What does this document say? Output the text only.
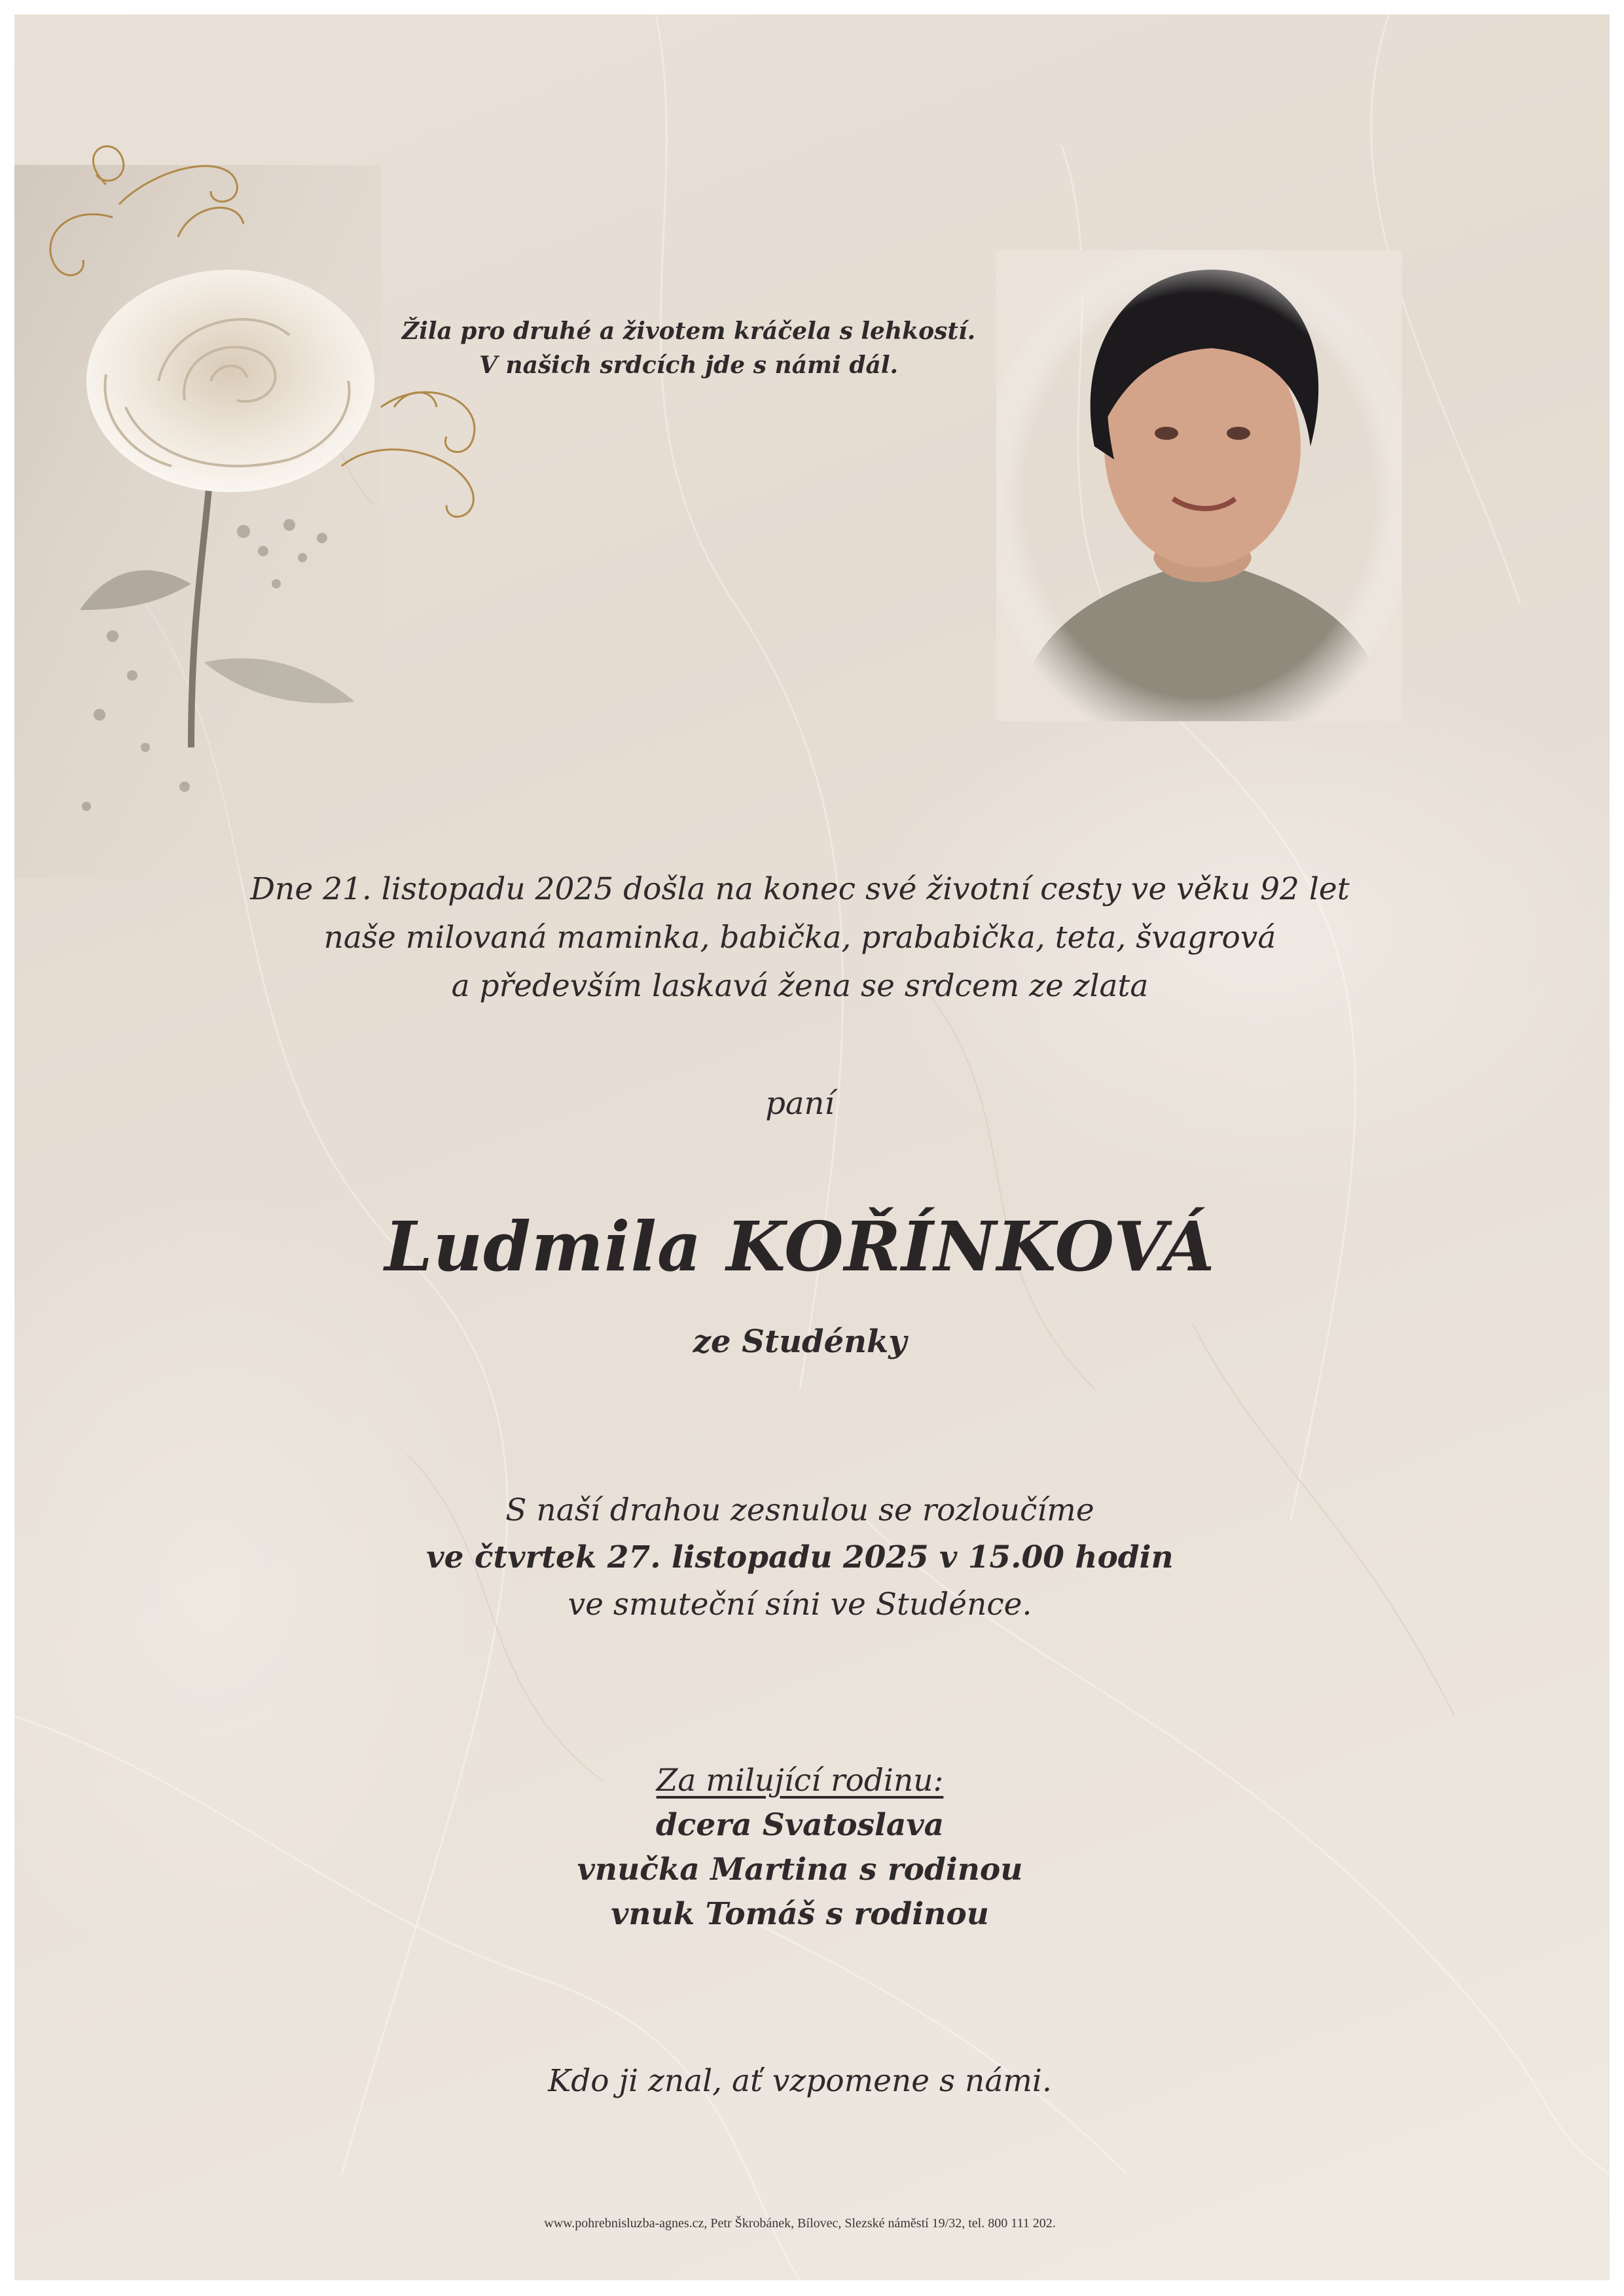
Žila pro druhé a životem kráčela s lehkostí.
V našich srdcích jde s námi dál.
Dne 21. listopadu 2025 došla na konec své životní cesty ve věku 92 let
naše milovaná maminka, babička, prababička, teta, švagrová
a především laskavá žena se srdcem ze zlata
paní
Ludmila KOŘÍNKOVÁ
ze Studénky
S naší drahou zesnulou se rozloučíme
ve čtvrtek 27. listopadu 2025 v 15.00 hodin
ve smuteční síni ve Studénce.
Za milující rodinu:
dcera Svatoslava
vnučka Martina s rodinou
vnuk Tomáš s rodinou
Kdo ji znal, ať vzpomene s námi.
www.pohrebnisluzba-agnes.cz, Petr Škrobánek, Bílovec, Slezské náměstí 19/32, tel. 800 111 202.
